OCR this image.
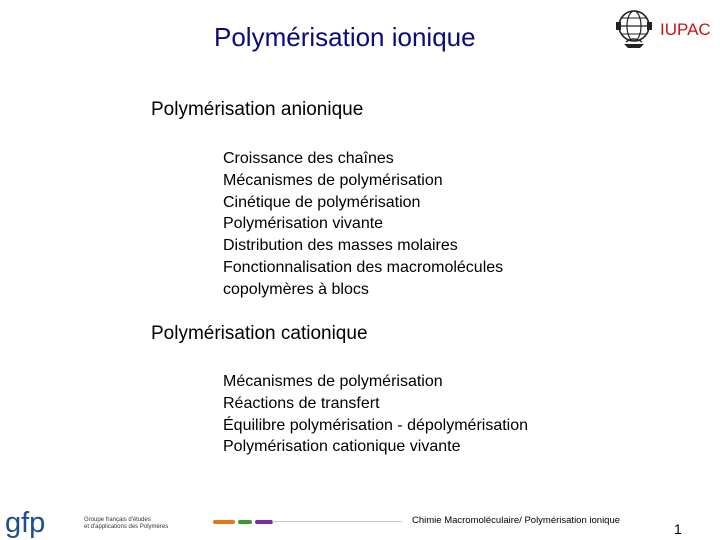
Polymérisation ionique	IUPAC
Polymérisation anionique
Croissance des chaînes
Mécanismes de polymérisation
Cinétique de polymérisation
Polymérisation vivante
Distribution des masses molaires
Fonctionnalisation des macromolécules
copolymères à blocs
Polymérisation cationique
Mécanismes de polymérisation
Réactions de transfert
Équilibre polymérisation - dépolymérisation
Polymérisation cationique vivante
gfp	Groupe français d'études
et d'applications des Polymères
Chimie Macromoléculaire/ Polymérisation ionique
1
